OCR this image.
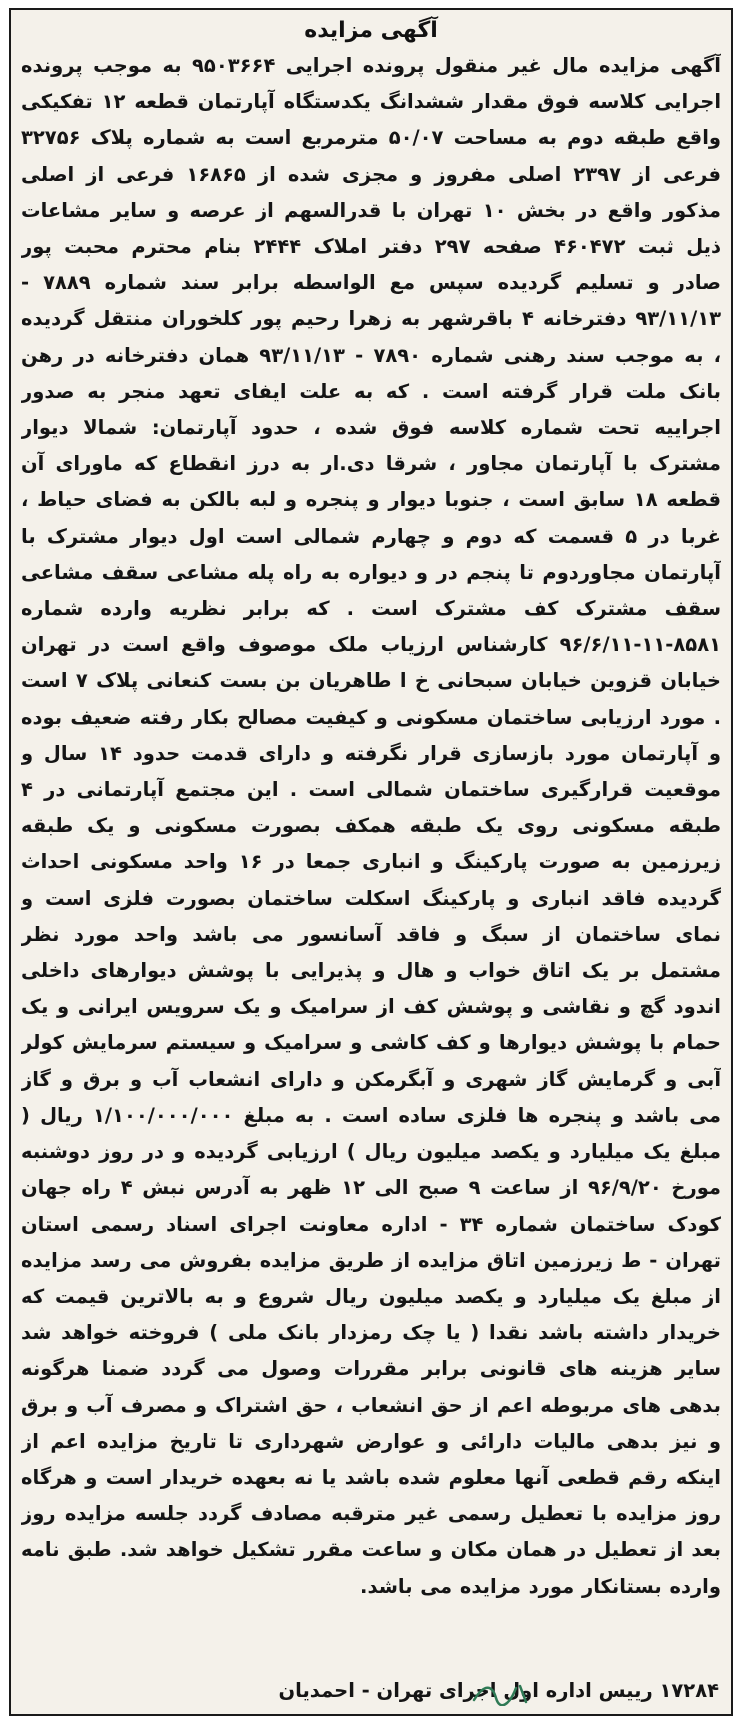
آگهی مزایده
آگهی مزایده مال غیر منقول پرونده اجرایی ۹۵۰۳۶۶۴ به موجب پرونده اجرایی کلاسه فوق مقدار ششدانگ یکدستگاه آپارتمان قطعه ۱۲ تفکیکی واقع طبقه دوم به مساحت ۵۰/۰۷ مترمربع است به شماره پلاک ۳۲۷۵۶ فرعی از ۲۳۹۷ اصلی مفروز و مجزی شده از ۱۶۸۶۵ فرعی از اصلی مذکور واقع در بخش ۱۰ تهران با قدرالسهم از عرصه و سایر مشاعات ذیل ثبت ۴۶۰۴۷۲ صفحه ۲۹۷ دفتر املاک ۲۴۴۴ بنام محترم محبت پور صادر و تسلیم گردیده سپس مع الواسطه برابر سند شماره ۷۸۸۹ - ۹۳/۱۱/۱۳ دفترخانه ۴ باقرشهر به زهرا رحیم پور کلخوران منتقل گردیده ، به موجب سند رهنی شماره ۷۸۹۰ - ۹۳/۱۱/۱۳ همان دفترخانه در رهن بانک ملت قرار گرفته است . که به علت ایفای تعهد منجر به صدور اجراییه تحت شماره کلاسه فوق شده ، حدود آپارتمان: شمالا دیوار مشترک با آپارتمان مجاور ، شرقا دی.ار به درز انقطاع که ماورای آن قطعه ۱۸ سابق است ، جنوبا دیوار و پنجره و لبه بالکن به فضای حیاط ، غربا در ۵ قسمت که دوم و چهارم شمالی است اول دیوار مشترک با آپارتمان مجاوردوم تا پنجم در و دیواره به راه پله مشاعی سقف مشاعی سقف مشترک کف مشترک است . که برابر نظریه وارده شماره ۸۵۸۱-۱۱-۹۶/۶/۱۱ کارشناس ارزیاب ملک موصوف واقع است در تهران خیابان قزوین خیابان سبحانی خ ا طاهریان بن بست کنعانی پلاک ۷ است . مورد ارزیابی ساختمان مسکونی و کیفیت مصالح بکار رفته ضعیف بوده و آپارتمان مورد بازسازی قرار نگرفته و دارای قدمت حدود ۱۴ سال و موقعیت قرارگیری ساختمان شمالی است . این مجتمع آپارتمانی در ۴ طبقه مسکونی روی یک طبقه همکف بصورت مسکونی و یک طبقه زیرزمین به صورت پارکینگ و انباری جمعا در ۱۶ واحد مسکونی احداث گردیده فاقد انباری و پارکینگ اسکلت ساختمان بصورت فلزی است و نمای ساختمان از سبگ و فاقد آسانسور می باشد واحد مورد نظر مشتمل بر یک اتاق خواب و هال و پذیرایی با پوشش دیوارهای داخلی اندود گچ و نقاشی و پوشش کف از سرامیک و یک سرویس ایرانی و یک حمام با پوشش دیوارها و کف کاشی و سرامیک و سیستم سرمایش کولر آبی و گرمایش گاز شهری و آبگرمکن و دارای انشعاب آب و برق و گاز می باشد و پنجره ها فلزی ساده است . به مبلغ ۱/۱۰۰/۰۰۰/۰۰۰ ریال ( مبلغ یک میلیارد و یکصد میلیون ریال ) ارزیابی گردیده و در روز دوشنبه مورخ ۹۶/۹/۲۰ از ساعت ۹ صبح الی ۱۲ ظهر به آدرس نبش ۴ راه جهان کودک ساختمان شماره ۳۴ - اداره معاونت اجرای اسناد رسمی استان تهران - ط زیرزمین اتاق مزایده از طریق مزایده بفروش می رسد مزایده از مبلغ یک میلیارد و یکصد میلیون ریال شروع و به بالاترین قیمت که خریدار داشته باشد نقدا ( یا چک رمزدار بانک ملی ) فروخته خواهد شد سایر هزینه های قانونی برابر مقررات وصول می گردد ضمنا هرگونه بدهی های مربوطه اعم از حق انشعاب ، حق اشتراک و مصرف آب و برق و نیز بدهی مالیات دارائی و عوارض شهرداری تا تاریخ مزایده اعم از اینکه رقم قطعی آنها معلوم شده باشد یا نه بعهده خریدار است و هرگاه روز مزایده با تعطیل رسمی غیر مترقبه مصادف گردد جلسه مزایده روز بعد از تعطیل در همان مکان و ساعت مقرر تشکیل خواهد شد. طبق نامه وارده بستانکار مورد مزایده می باشد.
۱۷۲۸۴ رییس اداره اول اجرای تهران - احمدیان
